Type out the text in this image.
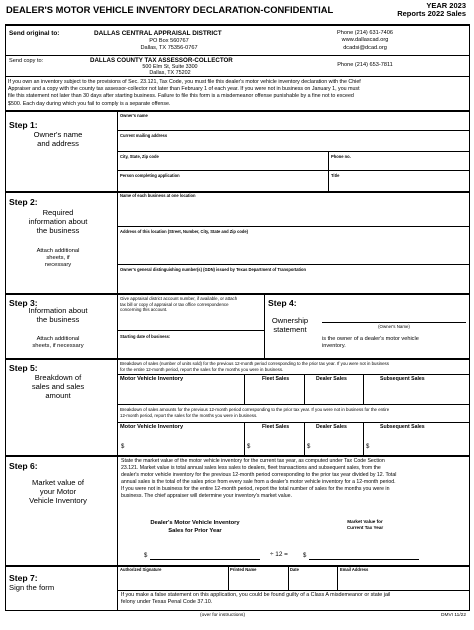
DEALER'S MOTOR VEHICLE INVENTORY DECLARATION-CONFIDENTIAL	YEAR 2023
Reports 2022 Sales
Send original to:	DALLAS CENTRAL APPRAISAL DISTRICT
PO Box 560767
Dallas, TX 75356-0767
Phone (214) 631-7406
www.dallascad.org
dcadsi@dcad.org
Send copy to:	DALLAS COUNTY TAX ASSESSOR-COLLECTOR
500 Elm St, Suite 3300
Dallas, TX 75202
Phone (214) 653-7811
If you own an inventory subject to the provisions of Sec. 23.121, Tax Code, you must file this dealer's motor vehicle inventory declaration with the Chief
Appraiser and a copy with the county tax assessor-collector not later than February 1 of each year. If you were not in business on January 1, you must
file this statement not later than 30 days after starting business. Failure to file this form is a misdemeanor offense punishable by a fine not to exceed
$500. Each day during which you fail to comply is a separate offense.
Step 1:
Owner's name
and address
Owner's name
Current mailing address
City, State, Zip code	Phone no.
Person completing application	Title
Step 2:
Required
information about
the business
Attach additional
sheets, if
necessary
Name of each business at one location
Address of this location (Street, Number, City, State and Zip code)
Owner's general distinguishing number(s) (GDN) issued by Texas Department of Transportation
Step 3:
Information about
the business
Attach additional
sheets, if necessary
Give appraisal district account number, if available, or attach
tax bill or copy of appraisal or tax office correspondence
concerning this account.
Starting date of business:
Step 4:
Ownership
statement	(Owner's Name)
is the owner of a dealer's motor vehicle
inventory.
Step 5:
Breakdown of
sales and sales
amount
Breakdown of sales (number of units sold) for the previous 12-month period corresponding to the prior tax year. If you were not in business
for the entire 12-month period, report the sales for the months you were in business.
Motor Vehicle Inventory	Fleet Sales	Dealer Sales	Subsequent Sales
Breakdown of sales amounts for the previous 12-month period corresponding to the prior tax year. If you were not in business for the entire
12-month period, report the sales for the months you were in business.
Motor Vehicle Inventory	Fleet Sales	Dealer Sales	Subsequent Sales
$	$	$	$
Step 6:
Market value of
your Motor
Vehicle Inventory
State the market value of the motor vehicle inventory for the current tax year, as computed under Tax Code Section
23.121. Market value is total annual sales less sales to dealers, fleet transactions and subsequent sales, from the
dealer's motor vehicle inventory for the previous 12-month period corresponding to the prior tax year divided by 12. Total
annual sales is the total of the sales price from every sale from a dealer's motor vehicle inventory for a 12-month period.
If you were not in business for the entire 12-month period, report the total number of sales for the months you were in
business. The chief appraiser will determine your inventory's market value.
Dealer's Motor Vehicle Inventory
Sales for Prior Year
Market Value for
Current Tax Year
$	÷ 12 =	$
Step 7:
Sign the form
Authorized Signature	Printed Name	Date	Email Address
If you make a false statement on this application, you could be found guilty of a Class A misdemeanor or state jail
felony under Texas Penal Code 37.10.
(over for instructions)	DMVI 11/22
